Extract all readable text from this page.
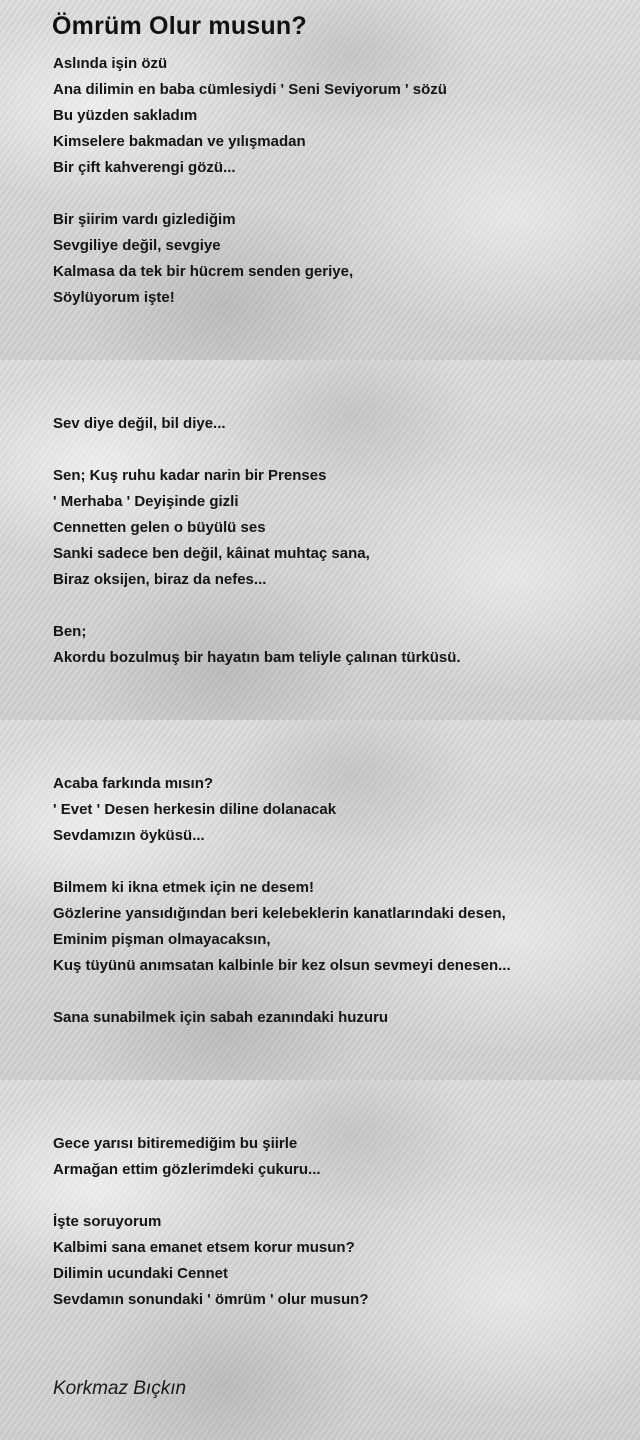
Ömrüm Olur musun?
Aslında işin özü
Ana dilimin en baba cümlesiydi ' Seni Seviyorum ' sözü
Bu yüzden sakladım
Kimselere bakmadan ve yılışmadan
Bir çift kahverengi gözü...
Bir şiirim vardı gizlediğim
Sevgiliye değil, sevgiye
Kalmasa da tek bir hücrem senden geriye,
Söylüyorum işte!
Sev diye değil, bil diye...
Sen; Kuş ruhu kadar narin bir Prenses
' Merhaba ' Deyişinde gizli
Cennetten gelen o büyülü ses
Sanki sadece ben değil, kâinat muhtaç sana,
Biraz oksijen, biraz da nefes...
Ben;
Akordu bozulmuş bir hayatın bam teliyle çalınan türküsü.
Acaba farkında mısın?
' Evet ' Desen herkesin diline dolanacak
Sevdamızın öyküsü...
Bilmem ki ikna etmek için ne desem!
Gözlerine yansıdığından beri kelebeklerin kanatlarındaki desen,
Eminim pişman olmayacaksın,
Kuş tüyünü anımsatan kalbinle bir kez olsun sevmeyi denesen...
Sana sunabilmek için sabah ezanındaki huzuru
Gece yarısı bitiremediğim bu şiirle
Armağan ettim gözlerimdeki çukuru...
İşte soruyorum
Kalbimi sana emanet etsem korur musun?
Dilimin ucundaki Cennet
Sevdamın sonundaki ' ömrüm ' olur musun?
Korkmaz Bıçkın
